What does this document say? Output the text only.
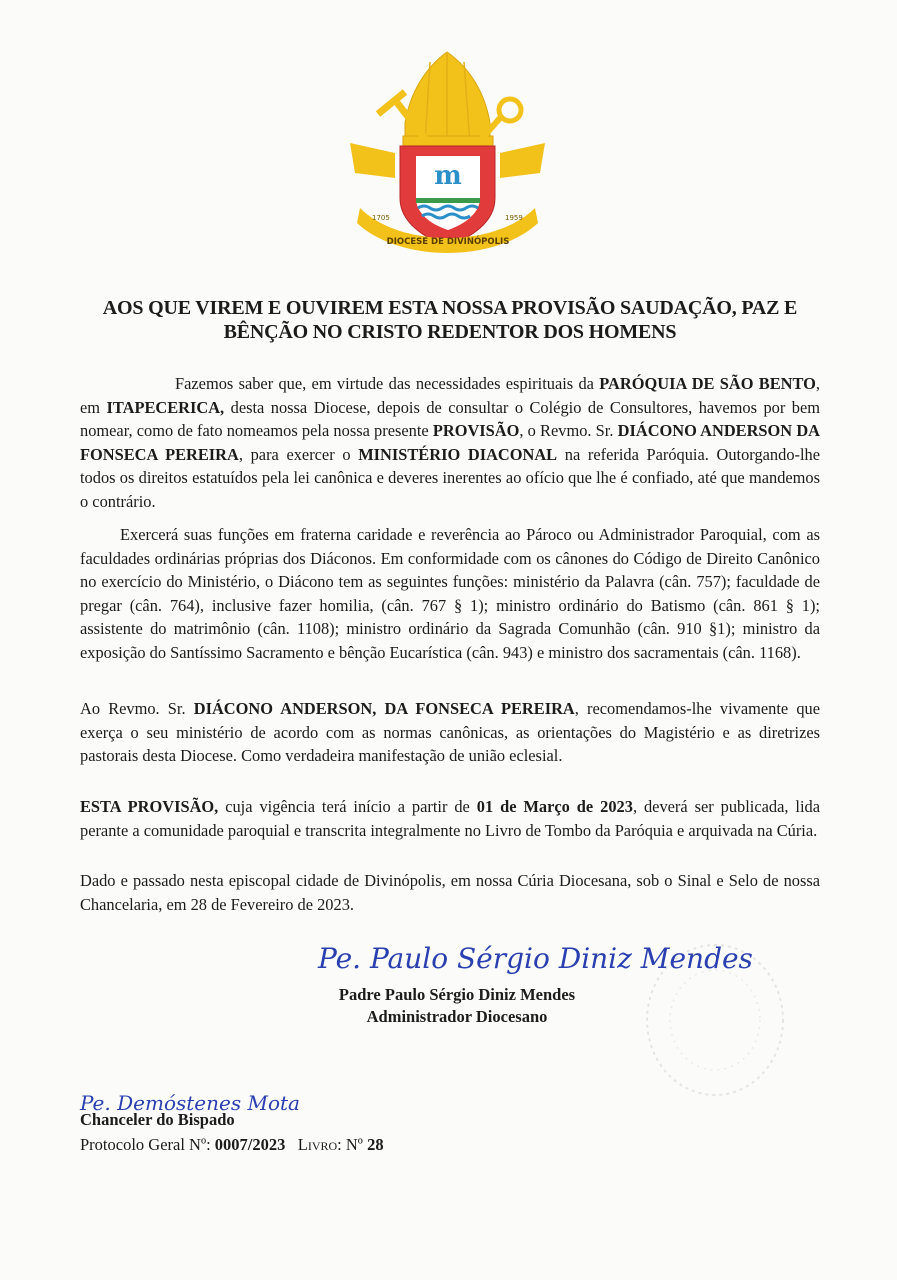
m
1705	1959
DIOCESE DE DIVINÓPOLIS
AOS QUE VIREM E OUVIREM ESTA NOSSA PROVISÃO SAUDAÇÃO, PAZ E
BÊNÇÃO NO CRISTO REDENTOR DOS HOMENS
Fazemos saber que, em virtude das necessidades espirituais da PARÓQUIA DE SÃO BENTO, em ITAPECERICA, desta nossa Diocese, depois de consultar o Colégio de Consultores, havemos por bem nomear, como de fato nomeamos pela nossa presente PROVISÃO, o Revmo. Sr. DIÁCONO ANDERSON DA FONSECA PEREIRA, para exercer o MINISTÉRIO DIACONAL na referida Paróquia. Outorgando-lhe todos os direitos estatuídos pela lei canônica e deveres inerentes ao ofício que lhe é confiado, até que mandemos o contrário.
Exercerá suas funções em fraterna caridade e reverência ao Pároco ou Administrador Paroquial, com as faculdades ordinárias próprias dos Diáconos. Em conformidade com os cânones do Código de Direito Canônico no exercício do Ministério, o Diácono tem as seguintes funções: ministério da Palavra (cân. 757); faculdade de pregar (cân. 764), inclusive fazer homilia, (cân. 767 § 1); ministro ordinário do Batismo (cân. 861 § 1); assistente do matrimônio (cân. 1108); ministro ordinário da Sagrada Comunhão (cân. 910 §1); ministro da exposição do Santíssimo Sacramento e bênção Eucarística (cân. 943) e ministro dos sacramentais (cân. 1168).
Ao Revmo. Sr. DIÁCONO ANDERSON, DA FONSECA PEREIRA, recomendamos-lhe vivamente que exerça o seu ministério de acordo com as normas canônicas, as orientações do Magistério e as diretrizes pastorais desta Diocese. Como verdadeira manifestação de união eclesial.
ESTA PROVISÃO, cuja vigência terá início a partir de 01 de Março de 2023, deverá ser publicada, lida perante a comunidade paroquial e transcrita integralmente no Livro de Tombo da Paróquia e arquivada na Cúria.
Dado e passado nesta episcopal cidade de Divinópolis, em nossa Cúria Diocesana, sob o Sinal e Selo de nossa Chancelaria, em 28 de Fevereiro de 2023.
Pe. Paulo Sérgio Diniz Mendes
Padre Paulo Sérgio Diniz Mendes
Administrador Diocesano
Pe. Demóstenes Mota
Chanceler do Bispado
Protocolo Geral Nº: 0007/2023 Livro: Nº 28
